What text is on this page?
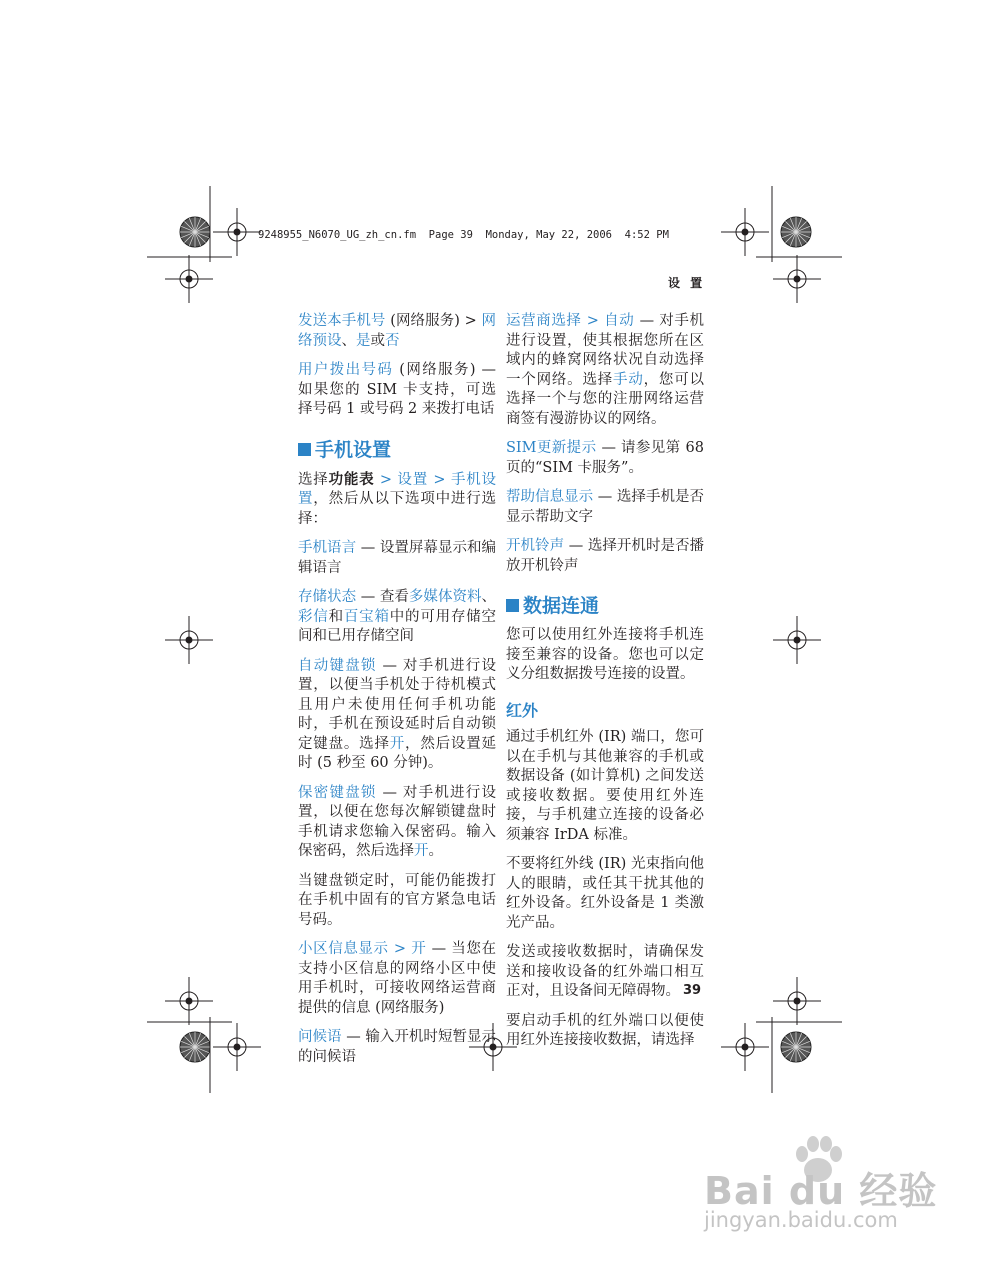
9248955_N6070_UG_zh_cn.fm  Page 39  Monday, May 22, 2006  4:52 PM
设 置

发送本手机号 (网络服务) > 网络预设、是或否

用户拨出号码 (网络服务) — 如果您的 SIM 卡支持，可选择号码 1 或号码 2 来拨打电话

手机设置

选择功能表 > 设置 > 手机设置，然后从以下选项中进行选择：

手机语言 — 设置屏幕显示和编辑语言

存储状态 — 查看多媒体资料、彩信和百宝箱中的可用存储空间和已用存储空间

自动键盘锁 — 对手机进行设置，以便当手机处于待机模式且用户未使用任何手机功能时，手机在预设延时后自动锁定键盘。选择开，然后设置延时 (5 秒至 60 分钟)。

保密键盘锁 — 对手机进行设置，以便在您每次解锁键盘时手机请求您输入保密码。输入保密码，然后选择开。

当键盘锁定时，可能仍能拨打在手机中固有的官方紧急电话号码。

小区信息显示 > 开 — 当您在支持小区信息的网络小区中使用手机时，可接收网络运营商提供的信息 (网络服务)

问候语 — 输入开机时短暂显示的问候语

运营商选择 > 自动 — 对手机进行设置，使其根据您所在区域内的蜂窝网络状况自动选择一个网络。选择手动，您可以选择一个与您的注册网络运营商签有漫游协议的网络。

SIM更新提示 — 请参见第 68 页的“SIM 卡服务”。

帮助信息显示 — 选择手机是否显示帮助文字

开机铃声 — 选择开机时是否播放开机铃声

数据连通

您可以使用红外连接将手机连接至兼容的设备。您也可以定义分组数据拨号连接的设置。

红外

通过手机红外 (IR) 端口，您可以在手机与其他兼容的手机或数据设备 (如计算机) 之间发送或接收数据。要使用红外连接，与手机建立连接的设备必须兼容 IrDA 标准。

不要将红外线 (IR) 光束指向他人的眼睛，或任其干扰其他的红外设备。红外设备是 1 类激光产品。

发送或接收数据时，请确保发送和接收设备的红外端口相互正对，且设备间无障碍物。

要启动手机的红外端口以便使用红外连接接收数据，请选择

39
Bai du 经验
jingyan.baidu.com
